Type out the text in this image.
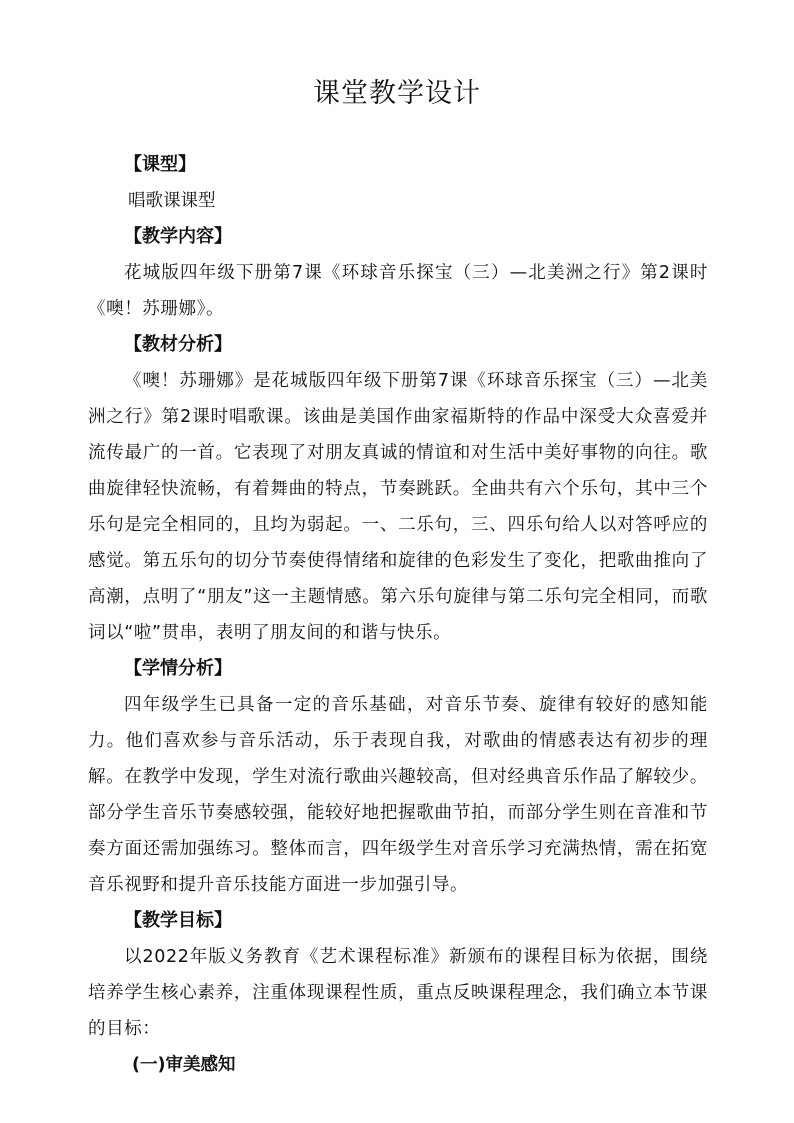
课堂教学设计

【课型】

唱歌课课型

【教学内容】

花城版四年级下册第7课《环球音乐探宝（三）—北美洲之行》第2课时《噢！苏珊娜》。

【教材分析】

《噢！苏珊娜》是花城版四年级下册第7课《环球音乐探宝（三）—北美洲之行》第2课时唱歌课。该曲是美国作曲家福斯特的作品中深受大众喜爱并流传最广的一首。它表现了对朋友真诚的情谊和对生活中美好事物的向往。歌曲旋律轻快流畅，有着舞曲的特点，节奏跳跃。全曲共有六个乐句，其中三个乐句是完全相同的，且均为弱起。一、二乐句，三、四乐句给人以对答呼应的感觉。第五乐句的切分节奏使得情绪和旋律的色彩发生了变化，把歌曲推向了高潮，点明了“朋友”这一主题情感。第六乐句旋律与第二乐句完全相同，而歌词以“啦”贯串，表明了朋友间的和谐与快乐。

【学情分析】

四年级学生已具备一定的音乐基础，对音乐节奏、旋律有较好的感知能力。他们喜欢参与音乐活动，乐于表现自我，对歌曲的情感表达有初步的理解。在教学中发现，学生对流行歌曲兴趣较高，但对经典音乐作品了解较少。部分学生音乐节奏感较强，能较好地把握歌曲节拍，而部分学生则在音准和节奏方面还需加强练习。整体而言，四年级学生对音乐学习充满热情，需在拓宽音乐视野和提升音乐技能方面进一步加强引导。

【教学目标】

以2022年版义务教育《艺术课程标准》新颁布的课程目标为依据，围绕培养学生核心素养，注重体现课程性质，重点反映课程理念，我们确立本节课的目标：

(一)审美感知
